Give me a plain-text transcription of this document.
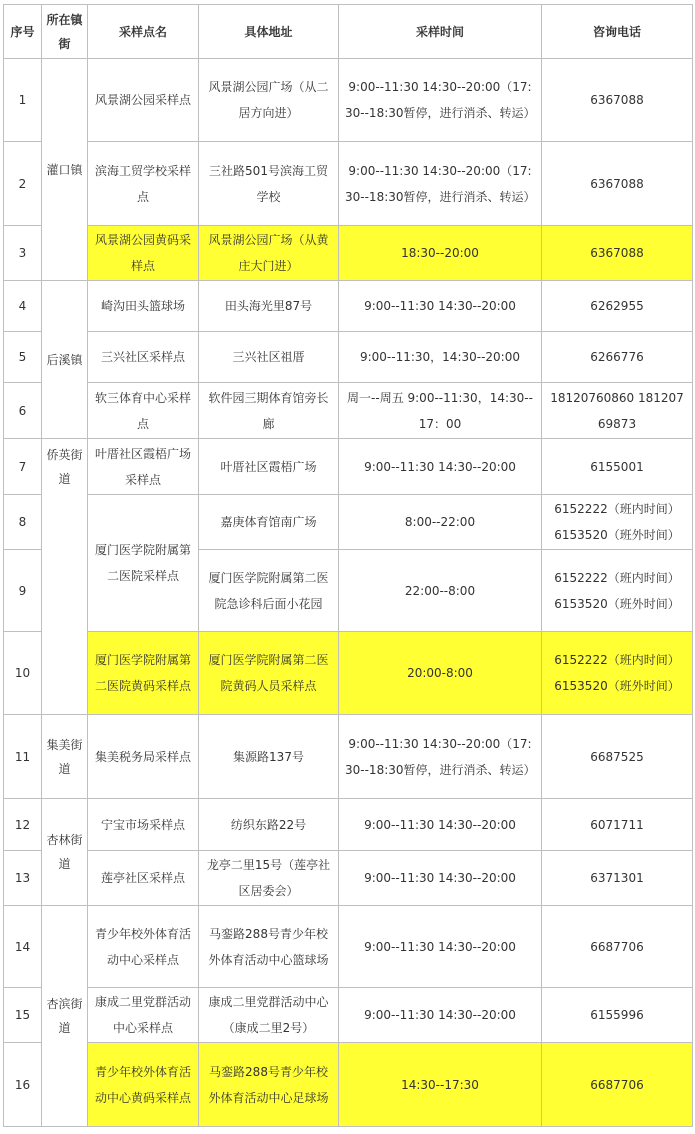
序号	所在镇街	采样点名	具体地址	采样时间	咨询电话
1	灌口镇	风景湖公园采样点	风景湖公园广场（从二居方向进）	9:00--11:30 14:30--20:00（17:30--18:30暂停，进行消杀、转运）	6367088
2		滨海工贸学校采样点	三社路501号滨海工贸学校	9:00--11:30 14:30--20:00（17:30--18:30暂停，进行消杀、转运）	6367088
3		风景湖公园黄码采样点	风景湖公园广场（从黄庄大门进）	18:30--20:00	6367088
4	后溪镇	崎沟田头篮球场	田头海光里87号	9:00--11:30 14:30--20:00	6262955
5		三兴社区采样点	三兴社区祖厝	9:00--11:30，14:30--20:00	6266776
6		软三体育中心采样点	软件园三期体育馆旁长廊	周一--周五 9:00--11:30，14:30--17：00	18120760860 18120769873
7	侨英街道	叶厝社区霞梧广场采样点	叶厝社区霞梧广场	9:00--11:30 14:30--20:00	6155001
8		厦门医学院附属第二医院采样点	嘉庚体育馆南广场	8:00--22:00	6152222（班内时间）
6153520（班外时间）

9			厦门医学院附属第二医院急诊科后面小花园	22:00--8:00	6152222（班内时间）
6153520（班外时间）

10		厦门医学院附属第二医院黄码采样点	厦门医学院附属第二医院黄码人员采样点	20:00-8:00	6152222（班内时间）
6153520（班外时间）

11	集美街道	集美税务局采样点	集源路137号	9:00--11:30 14:30--20:00（17:30--18:30暂停，进行消杀、转运）	6687525
12	杏林街道	宁宝市场采样点	纺织东路22号	9:00--11:30 14:30--20:00	6071711
13		莲亭社区采样点	龙亭二里15号（莲亭社区居委会）	9:00--11:30 14:30--20:00	6371301
14	杏滨街道	青少年校外体育活动中心采样点	马銮路288号青少年校外体育活动中心篮球场	9:00--11:30 14:30--20:00	6687706
15		康成二里党群活动中心采样点	康成二里党群活动中心（康成二里2号）	9:00--11:30 14:30--20:00	6155996
16		青少年校外体育活动中心黄码采样点	马銮路288号青少年校外体育活动中心足球场	14:30--17:30	6687706
